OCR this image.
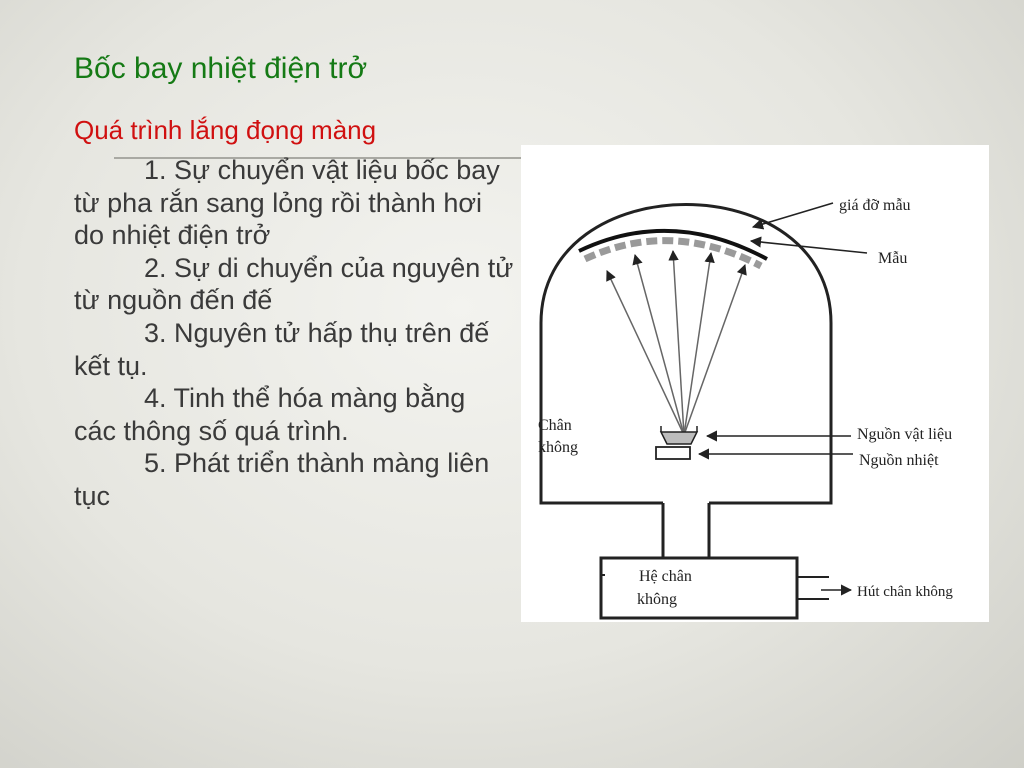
Bốc bay nhiệt điện trở
Quá trình lắng đọng màng
1. Sự chuyển vật liệu bốc bay từ pha rắn sang lỏng rồi thành hơi do nhiệt điện trở
2. Sự di chuyển của nguyên tử từ nguồn đến đế
3. Nguyên tử hấp thụ trên đế kết tụ.
4. Tinh thể hóa màng bằng các thông số quá trình.
5. Phát triển thành màng liên tục
giá đỡ mẫu
Mẫu
Chân
không
Nguồn vật liệu
Nguồn nhiệt
Hệ chân
không	Hút chân không
